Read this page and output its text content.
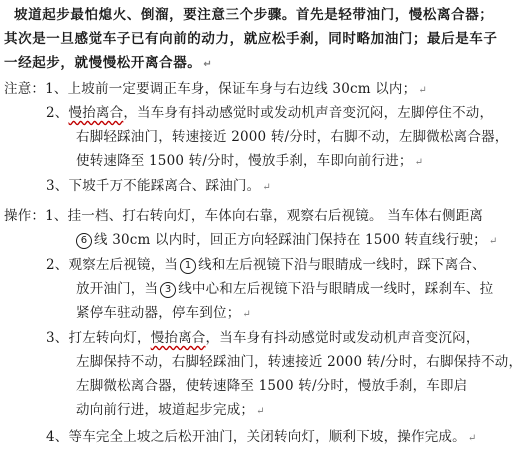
坡道起步最怕熄火、倒溜，要注意三个步骤。首先是轻带油门，慢松离合器；
其次是一旦感觉车子已有向前的动力，就应松手刹，同时略加油门；最后是车子
一经起步，就慢慢松开离合器。 ↵
注意：1、上坡前一定要调正车身，保证车身与右边线 30cm 以内； ↵
2、慢抬离合，当车身有抖动感觉时或发动机声音变沉闷，左脚停住不动，
右脚轻踩油门，转速接近 2000 转/分时，右脚不动，左脚微松离合器，
使转速降至 1500 转/分时，慢放手刹，车即向前行进； ↵
3、下坡千万不能踩离合、踩油门。 ↵
操作：1、挂一档、打右转向灯，车体向右靠，观察右后视镜。 当车体右侧距离
6 线 30cm 以内时，回正方向轻踩油门保持在 1500 转直线行驶； ↵
2、观察左后视镜，当 1 线和左后视镜下沿与眼睛成一线时，踩下离合、
放开油门，当 3 线中心和左后视镜下沿与眼睛成一线时，踩刹车、拉
紧停车驻动器，停车到位； ↵
3、打左转向灯，慢抬离合，当车身有抖动感觉时或发动机声音变沉闷，
左脚保持不动，右脚轻踩油门，转速接近 2000 转/分时，右脚保持不动，
左脚微松离合器，使转速降至 1500 转/分时，慢放手刹，车即启
动向前行进，坡道起步完成； ↵
4、等车完全上坡之后松开油门，关闭转向灯，顺利下坡，操作完成。 ↵
